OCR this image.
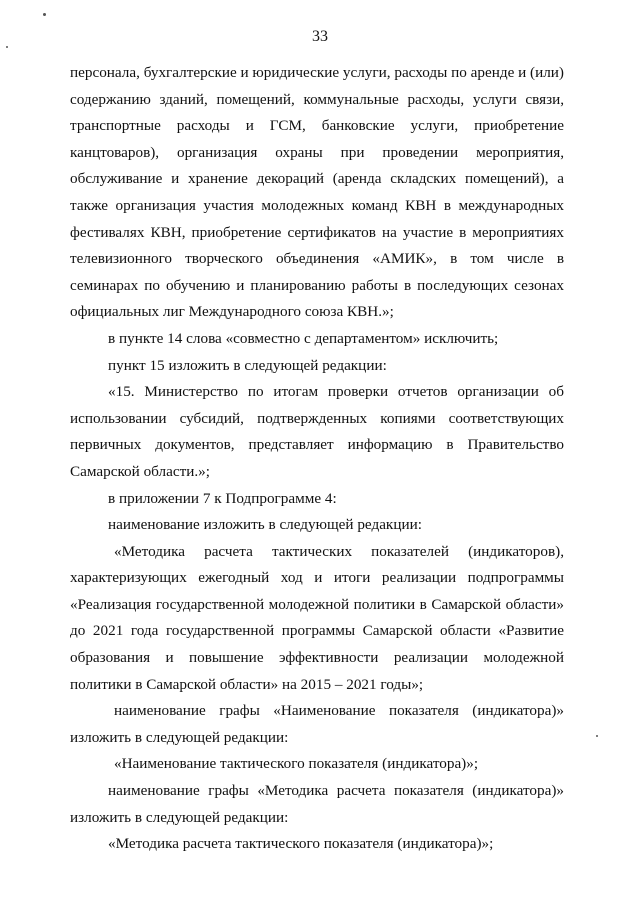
33

персонала, бухгалтерские и юридические услуги, расходы по аренде и (или) содержанию зданий, помещений, коммунальные расходы, услуги связи, транспортные расходы и ГСМ, банковские услуги, приобретение канцтоваров), организация охраны при проведении мероприятия, обслуживание и хранение декораций (аренда складских помещений), а также организация участия молодежных команд КВН в международных фестивалях КВН, приобретение сертификатов на участие в мероприятиях телевизионного творческого объединения «АМИК», в том числе в семинарах по обучению и планированию работы в последующих сезонах официальных лиг Международного союза КВН.»;

в пункте 14 слова «совместно с департаментом» исключить;

пункт 15 изложить в следующей редакции:

«15. Министерство по итогам проверки отчетов организации об использовании субсидий, подтвержденных копиями соответствующих первичных документов, представляет информацию в Правительство Самарской области.»;

в приложении 7 к Подпрограмме 4:

наименование изложить в следующей редакции:

«Методика расчета тактических показателей (индикаторов), характеризующих ежегодный ход и итоги реализации подпрограммы «Реализация государственной молодежной политики в Самарской области» до 2021 года государственной программы Самарской области «Развитие образования и повышение эффективности реализации молодежной политики в Самарской области» на 2015 – 2021 годы»;

наименование графы «Наименование показателя (индикатора)» изложить в следующей редакции:

«Наименование тактического показателя (индикатора)»;

наименование графы «Методика расчета показателя (индикатора)» изложить в следующей редакции:

«Методика расчета тактического показателя (индикатора)»;
